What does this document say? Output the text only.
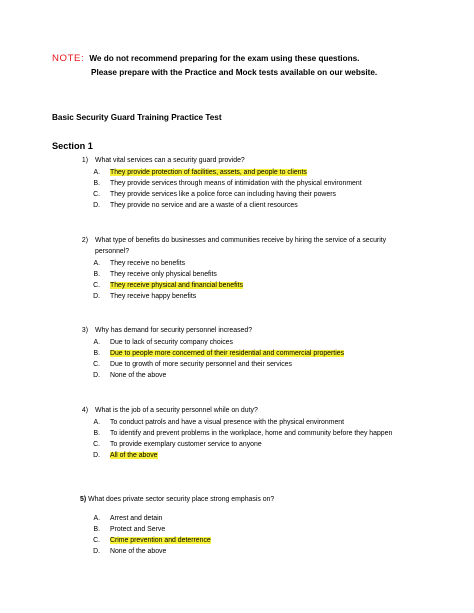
NOTE: We do not recommend preparing for the exam using these questions.
Please prepare with the Practice and Mock tests available on our website.
Basic Security Guard Training Practice Test
Section 1
1)	What vital services can a security guard provide?
A.	They provide protection of facilities, assets, and people to clients
B.	They provide services through means of intimidation with the physical environment
C.	They provide services like a police force can including having their powers
D.	They provide no service and are a waste of a client resources
2)	What type of benefits do businesses and communities receive by hiring the service of a security personnel?
A.	They receive no benefits
B.	They receive only physical benefits
C.	They receive physical and financial benefits
D.	They receive happy benefits
3)	Why has demand for security personnel increased?
A.	Due to lack of security company choices
B.	Due to people more concerned of their residential and commercial properties
C.	Due to growth of more security personnel and their services
D.	None of the above
4)	What is the job of a security personnel while on duty?
A.	To conduct patrols and have a visual presence with the physical environment
B.	To identify and prevent problems in the workplace, home and community before they happen
C.	To provide exemplary customer service to anyone
D.	All of the above
5) What does private sector security place strong emphasis on?
A.	Arrest and detain
B.	Protect and Serve
C.	Crime prevention and deterrence
D.	None of the above
